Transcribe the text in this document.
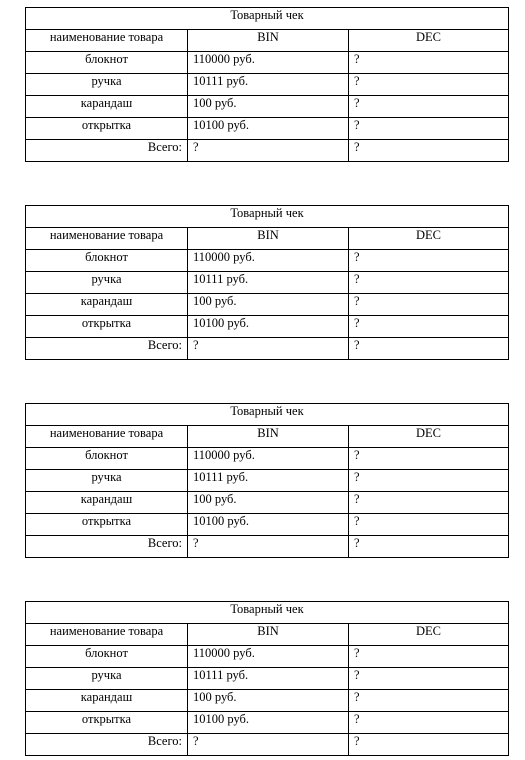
Товарный чек		
наименование товара	BIN	DEC
блокнот	110000 руб.	?
ручка	10111 руб.	?
карандаш	100 руб.	?
открытка	10100 руб.	?
Всего:	?	?
Товарный чек		
наименование товара	BIN	DEC
блокнот	110000 руб.	?
ручка	10111 руб.	?
карандаш	100 руб.	?
открытка	10100 руб.	?
Всего:	?	?
Товарный чек		
наименование товара	BIN	DEC
блокнот	110000 руб.	?
ручка	10111 руб.	?
карандаш	100 руб.	?
открытка	10100 руб.	?
Всего:	?	?
Товарный чек		
наименование товара	BIN	DEC
блокнот	110000 руб.	?
ручка	10111 руб.	?
карандаш	100 руб.	?
открытка	10100 руб.	?
Всего:	?	?
